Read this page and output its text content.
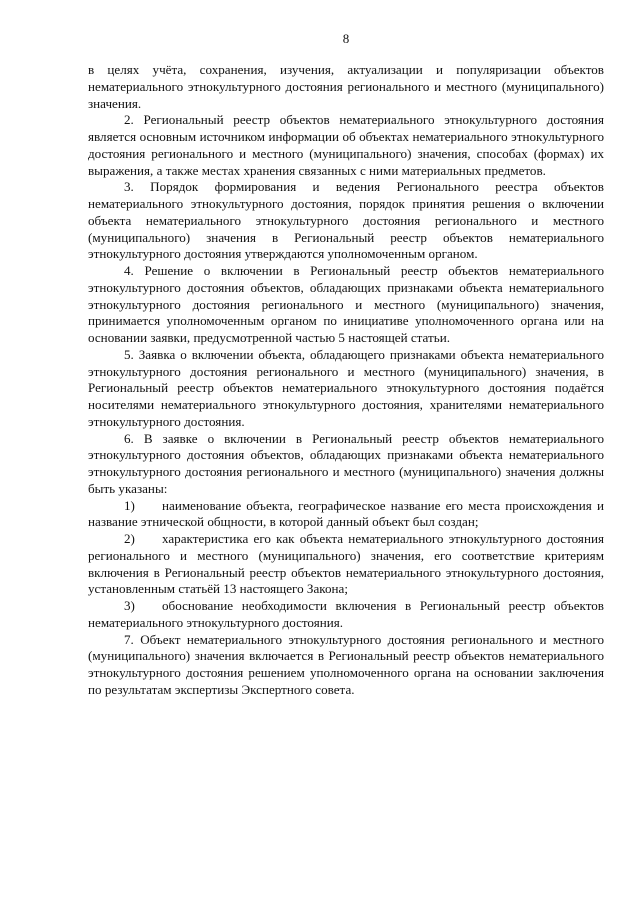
8

в целях учёта, сохранения, изучения, актуализации и популяризации объектов нематериального этнокультурного достояния регионального и местного (муниципального) значения.

2. Региональный реестр объектов нематериального этнокультурного достояния является основным источником информации об объектах нематериального этнокультурного достояния регионального и местного (муниципального) значения, способах (формах) их выражения, а также местах хранения связанных с ними материальных предметов.

3. Порядок формирования и ведения Регионального реестра объектов нематериального этнокультурного достояния, порядок принятия решения о включении объекта нематериального этнокультурного достояния регионального и местного (муниципального) значения в Региональный реестр объектов нематериального этнокультурного достояния утверждаются уполномоченным органом.

4. Решение о включении в Региональный реестр объектов нематериального этнокультурного достояния объектов, обладающих признаками объекта нематериального этнокультурного достояния регионального и местного (муниципального) значения, принимается уполномоченным органом по инициативе уполномоченного органа или на основании заявки, предусмотренной частью 5 настоящей статьи.

5. Заявка о включении объекта, обладающего признаками объекта нематериального этнокультурного достояния регионального и местного (муниципального) значения, в Региональный реестр объектов нематериального этнокультурного достояния подаётся носителями нематериального этнокультурного достояния, хранителями нематериального этнокультурного достояния.

6. В заявке о включении в Региональный реестр объектов нематериального этнокультурного достояния объектов, обладающих признаками объекта нематериального этнокультурного достояния регионального и местного (муниципального) значения должны быть указаны:

1) наименование объекта, географическое название его места происхождения и название этнической общности, в которой данный объект был создан;

2) характеристика его как объекта нематериального этнокультурного достояния регионального и местного (муниципального) значения, его соответствие критериям включения в Региональный реестр объектов нематериального этнокультурного достояния, установленным статьёй 13 настоящего Закона;

3) обоснование необходимости включения в Региональный реестр объектов нематериального этнокультурного достояния.

7. Объект нематериального этнокультурного достояния регионального и местного (муниципального) значения включается в Региональный реестр объектов нематериального этнокультурного достояния решением уполномоченного органа на основании заключения по результатам экспертизы Экспертного совета.
